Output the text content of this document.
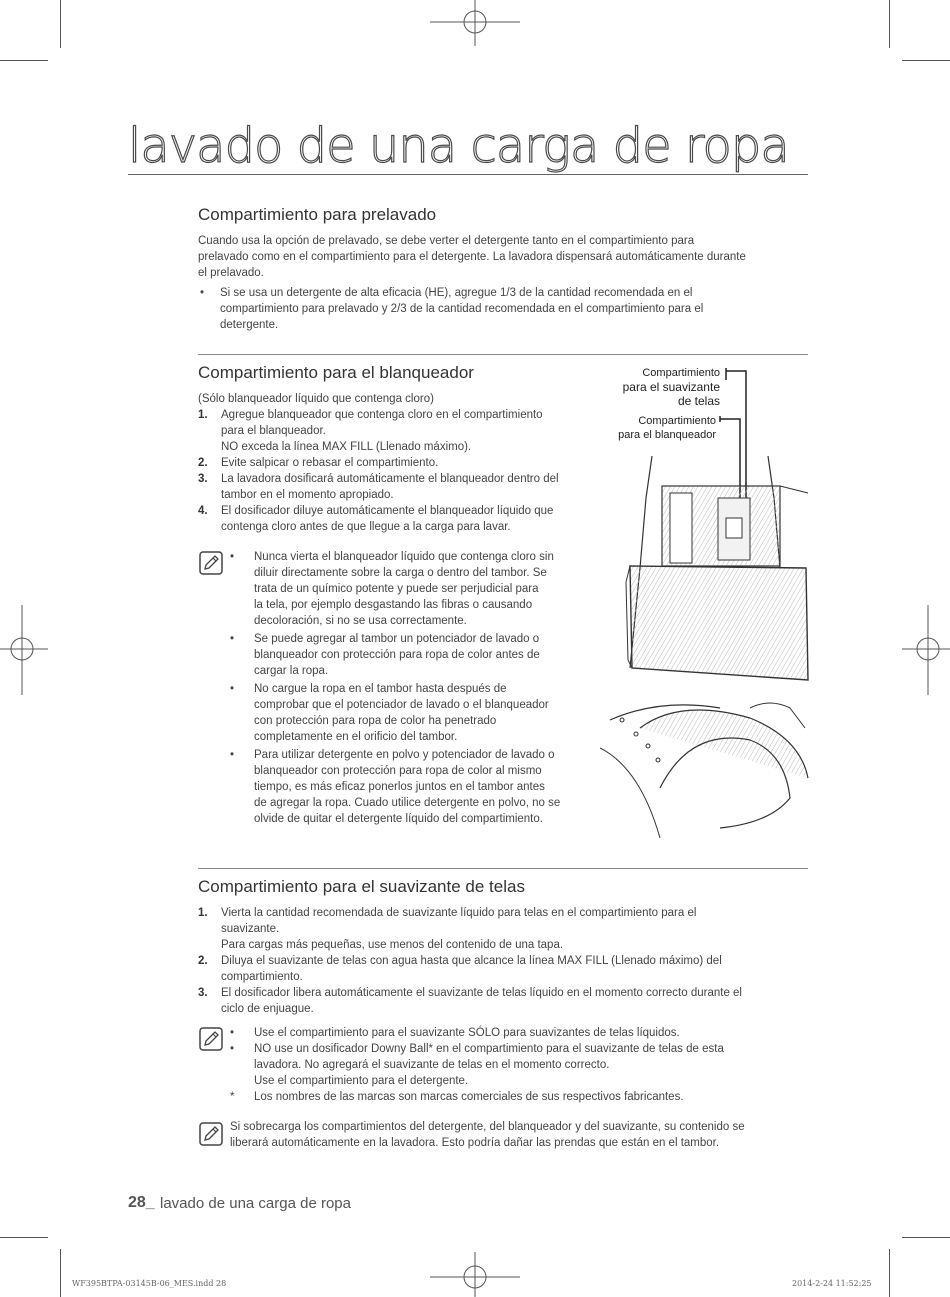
lavado de una carga de ropa
Compartimiento para prelavado
Cuando usa la opción de prelavado, se debe verter el detergente tanto en el compartimiento para
prelavado como en el compartimiento para el detergente. La lavadora dispensará automáticamente durante
el prelavado.
• Si se usa un detergente de alta eficacia (HE), agregue 1/3 de la cantidad recomendada en el
compartimiento para prelavado y 2/3 de la cantidad recomendada en el compartimiento para el
detergente.
Compartimiento para el blanqueador
(Sólo blanqueador líquido que contenga cloro)
1. Agregue blanqueador que contenga cloro en el compartimiento
para el blanqueador.
NO exceda la línea MAX FILL (Llenado máximo).
2. Evite salpicar o rebasar el compartimiento.
3. La lavadora dosificará automáticamente el blanqueador dentro del
tambor en el momento apropiado.
4. El dosificador diluye automáticamente el blanqueador líquido que
contenga cloro antes de que llegue a la carga para lavar.
• Nunca vierta el blanqueador líquido que contenga cloro sin
diluir directamente sobre la carga o dentro del tambor. Se
trata de un químico potente y puede ser perjudicial para
la tela, por ejemplo desgastando las fibras o causando
decoloración, si no se usa correctamente.
• Se puede agregar al tambor un potenciador de lavado o
blanqueador con protección para ropa de color antes de
cargar la ropa.
• No cargue la ropa en el tambor hasta después de
comprobar que el potenciador de lavado o el blanqueador
con protección para ropa de color ha penetrado
completamente en el orificio del tambor.
• Para utilizar detergente en polvo y potenciador de lavado o
blanqueador con protección para ropa de color al mismo
tiempo, es más eficaz ponerlos juntos en el tambor antes
de agregar la ropa. Cuado utilice detergente en polvo, no se
olvide de quitar el detergente líquido del compartimiento.
Compartimiento
para el suavizante
de telas
Compartimiento
para el blanqueador
Compartimiento para el suavizante de telas
1. Vierta la cantidad recomendada de suavizante líquido para telas en el compartimiento para el
suavizante.
Para cargas más pequeñas, use menos del contenido de una tapa.
2. Diluya el suavizante de telas con agua hasta que alcance la línea MAX FILL (Llenado máximo) del
compartimiento.
3. El dosificador libera automáticamente el suavizante de telas líquido en el momento correcto durante el
ciclo de enjuague.
• Use el compartimiento para el suavizante SÓLO para suavizantes de telas líquidos.
• NO use un dosificador Downy Ball* en el compartimiento para el suavizante de telas de esta
lavadora. No agregará el suavizante de telas en el momento correcto.
Use el compartimiento para el detergente.
* Los nombres de las marcas son marcas comerciales de sus respectivos fabricantes.
Si sobrecarga los compartimientos del detergente, del blanqueador y del suavizante, su contenido se
liberará automáticamente en la lavadora. Esto podría dañar las prendas que están en el tambor.
28_ lavado de una carga de ropa
WF395BTPA-03145B-06_MES.indd 28	2014-2-24 11:52:25
